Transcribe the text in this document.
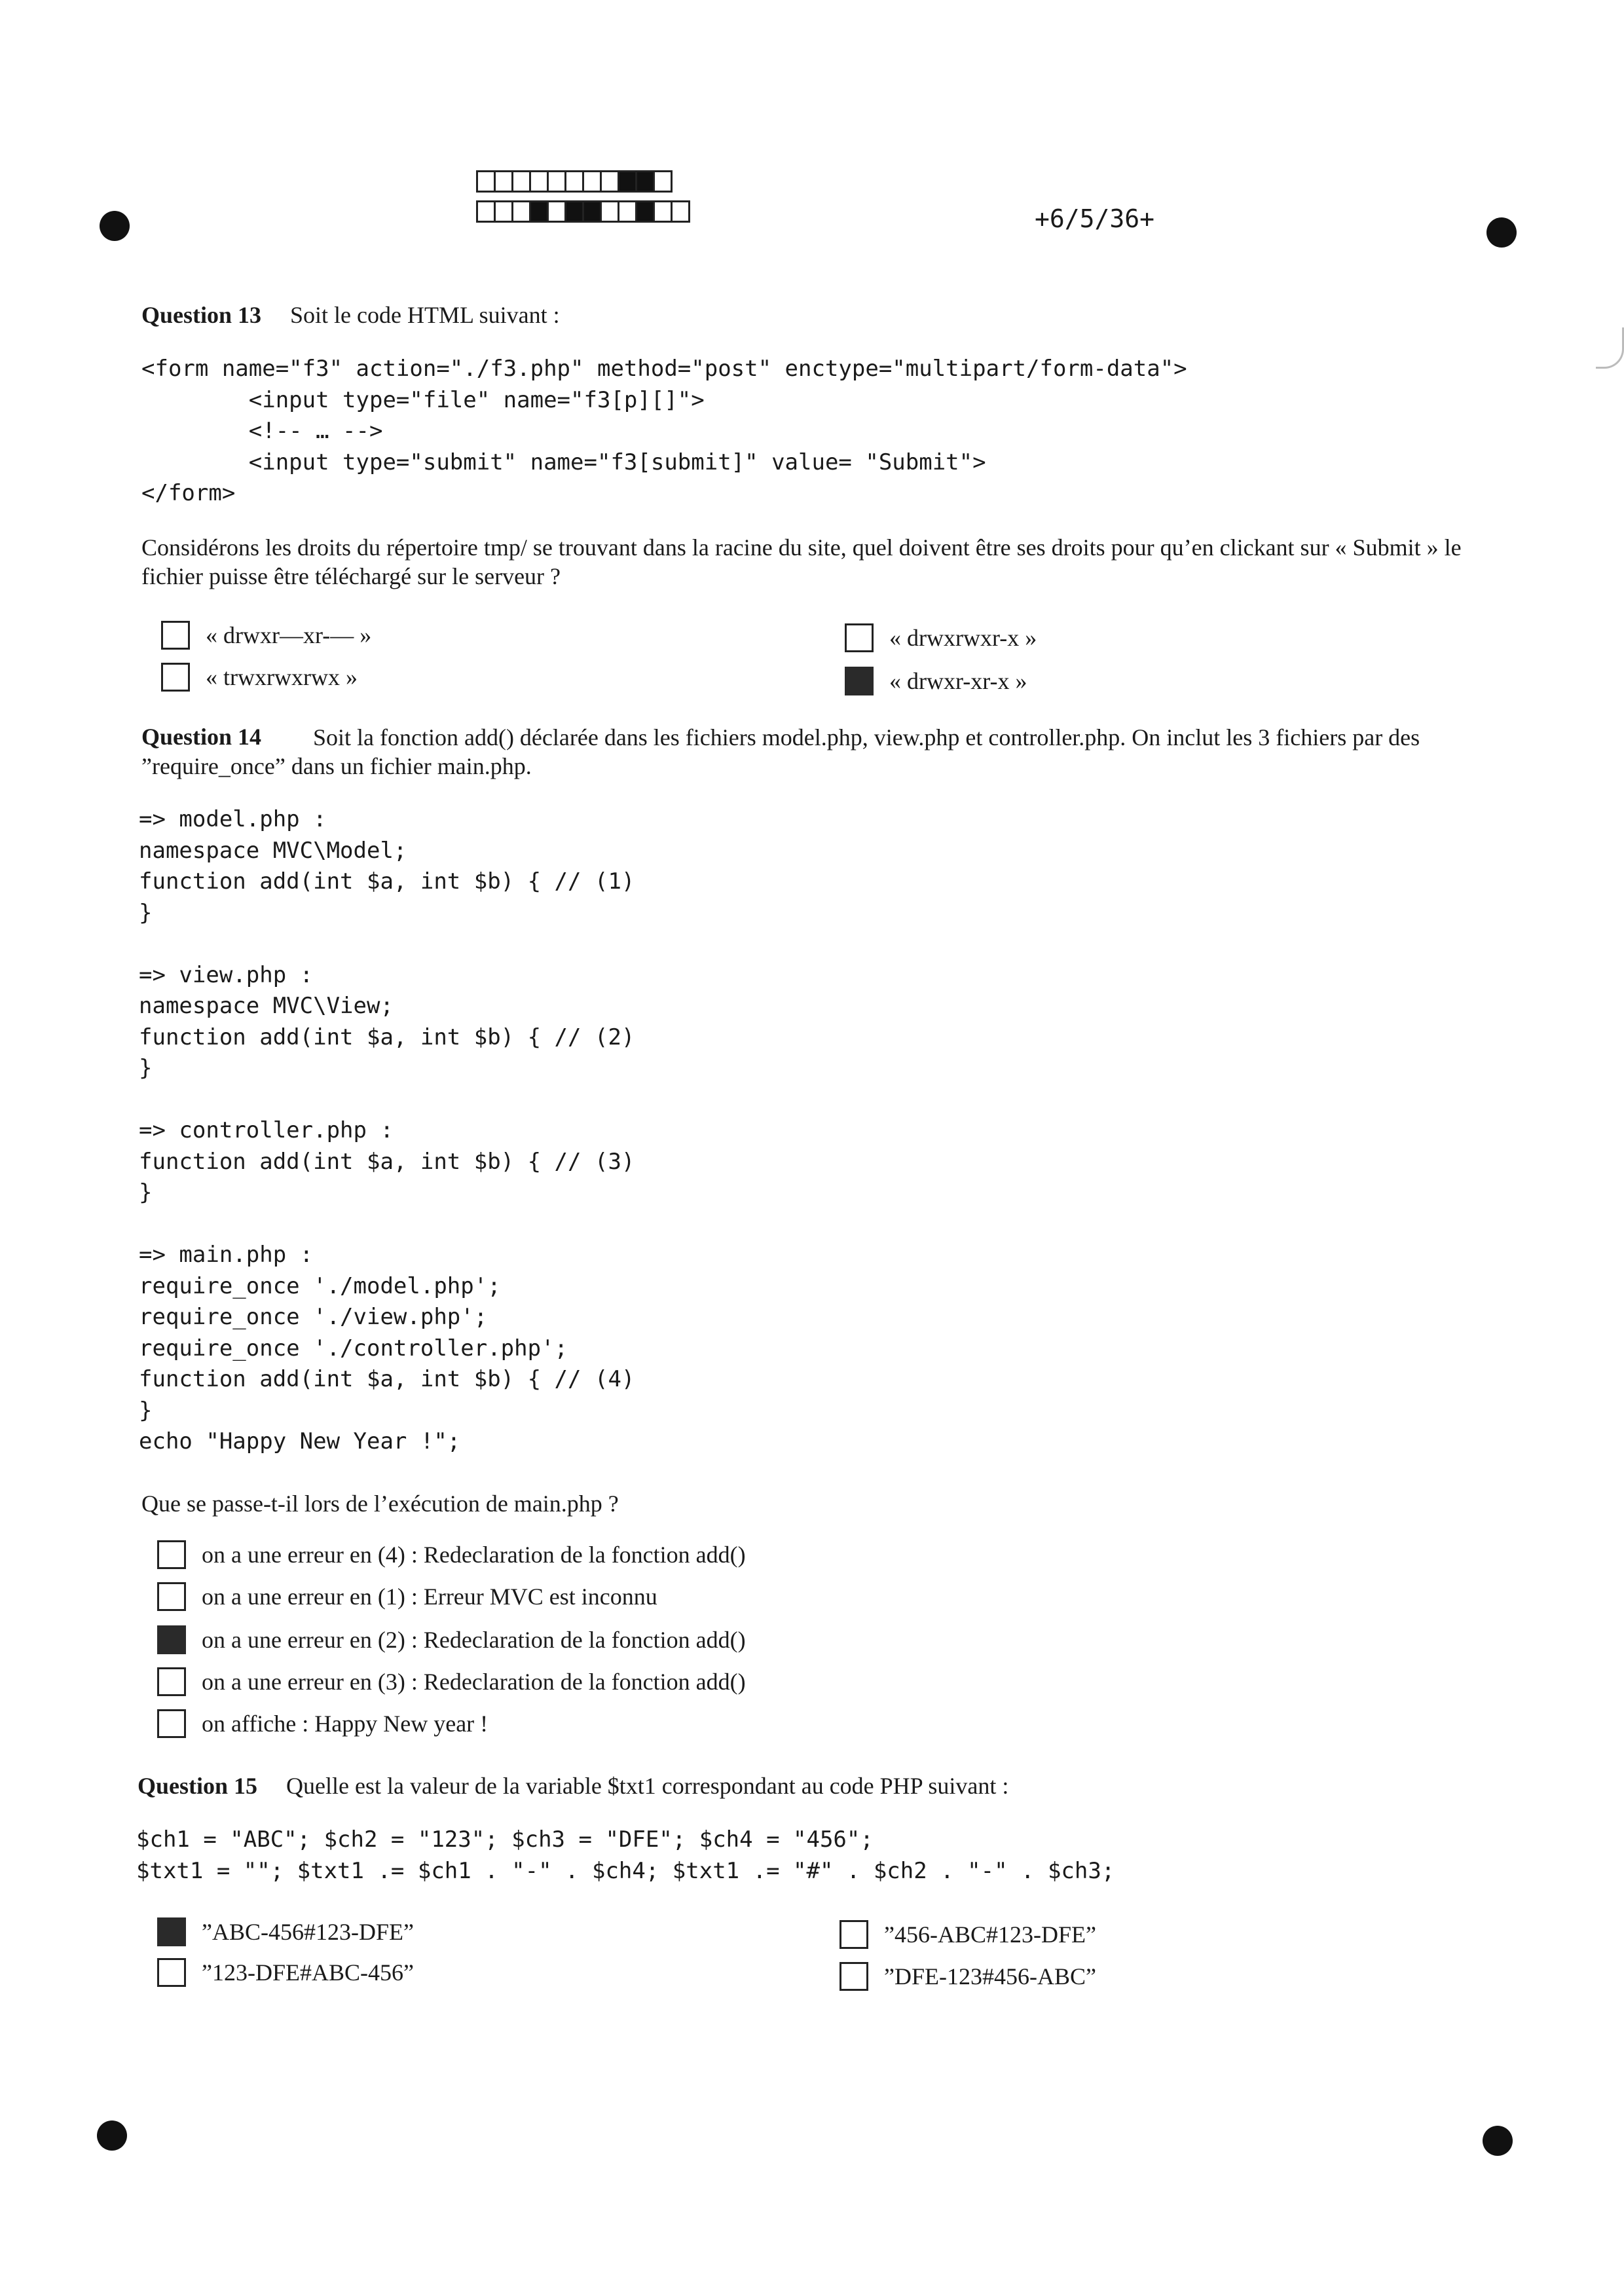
+6/5/36+
Question 13 Soit le code HTML suivant :
<form name="f3" action="./f3.php" method="post" enctype="multipart/form-data">
<input type="file" name="f3[p][]">
<!-- … -->
<input type="submit" name="f3[submit]" value= "Submit">
</form>
Considérons les droits du répertoire tmp/ se trouvant dans la racine du site, quel doivent être ses droits pour qu’en clickant sur « Submit » le fichier puisse être téléchargé sur le serveur ?
« drwxr—xr-— »	« drwxrwxr-x »
« trwxrwxrwx »	« drwxr-xr-x »
Question 14	Soit la fonction add() déclarée dans les fichiers model.php, view.php et controller.php. On inclut les 3 fichiers par des ”require_once” dans un fichier main.php.
=> model.php :
namespace MVC\Model;
function add(int $a, int $b) { // (1)
}

=> view.php :
namespace MVC\View;
function add(int $a, int $b) { // (2)
}

=> controller.php :
function add(int $a, int $b) { // (3)
}

=> main.php :
require_once './model.php';
require_once './view.php';
require_once './controller.php';
function add(int $a, int $b) { // (4)
}
echo "Happy New Year !";
Que se passe-t-il lors de l’exécution de main.php ?
on a une erreur en (4) : Redeclaration de la fonction add()
on a une erreur en (1) : Erreur MVC est inconnu
on a une erreur en (2) : Redeclaration de la fonction add()
on a une erreur en (3) : Redeclaration de la fonction add()
on affiche : Happy New year !
Question 15 Quelle est la valeur de la variable $txt1 correspondant au code PHP suivant :
$ch1 = "ABC"; $ch2 = "123"; $ch3 = "DFE"; $ch4 = "456";
$txt1 = ""; $txt1 .= $ch1 . "-" . $ch4; $txt1 .= "#" . $ch2 . "-" . $ch3;
”ABC-456#123-DFE”	”456-ABC#123-DFE”
”123-DFE#ABC-456”	”DFE-123#456-ABC”
